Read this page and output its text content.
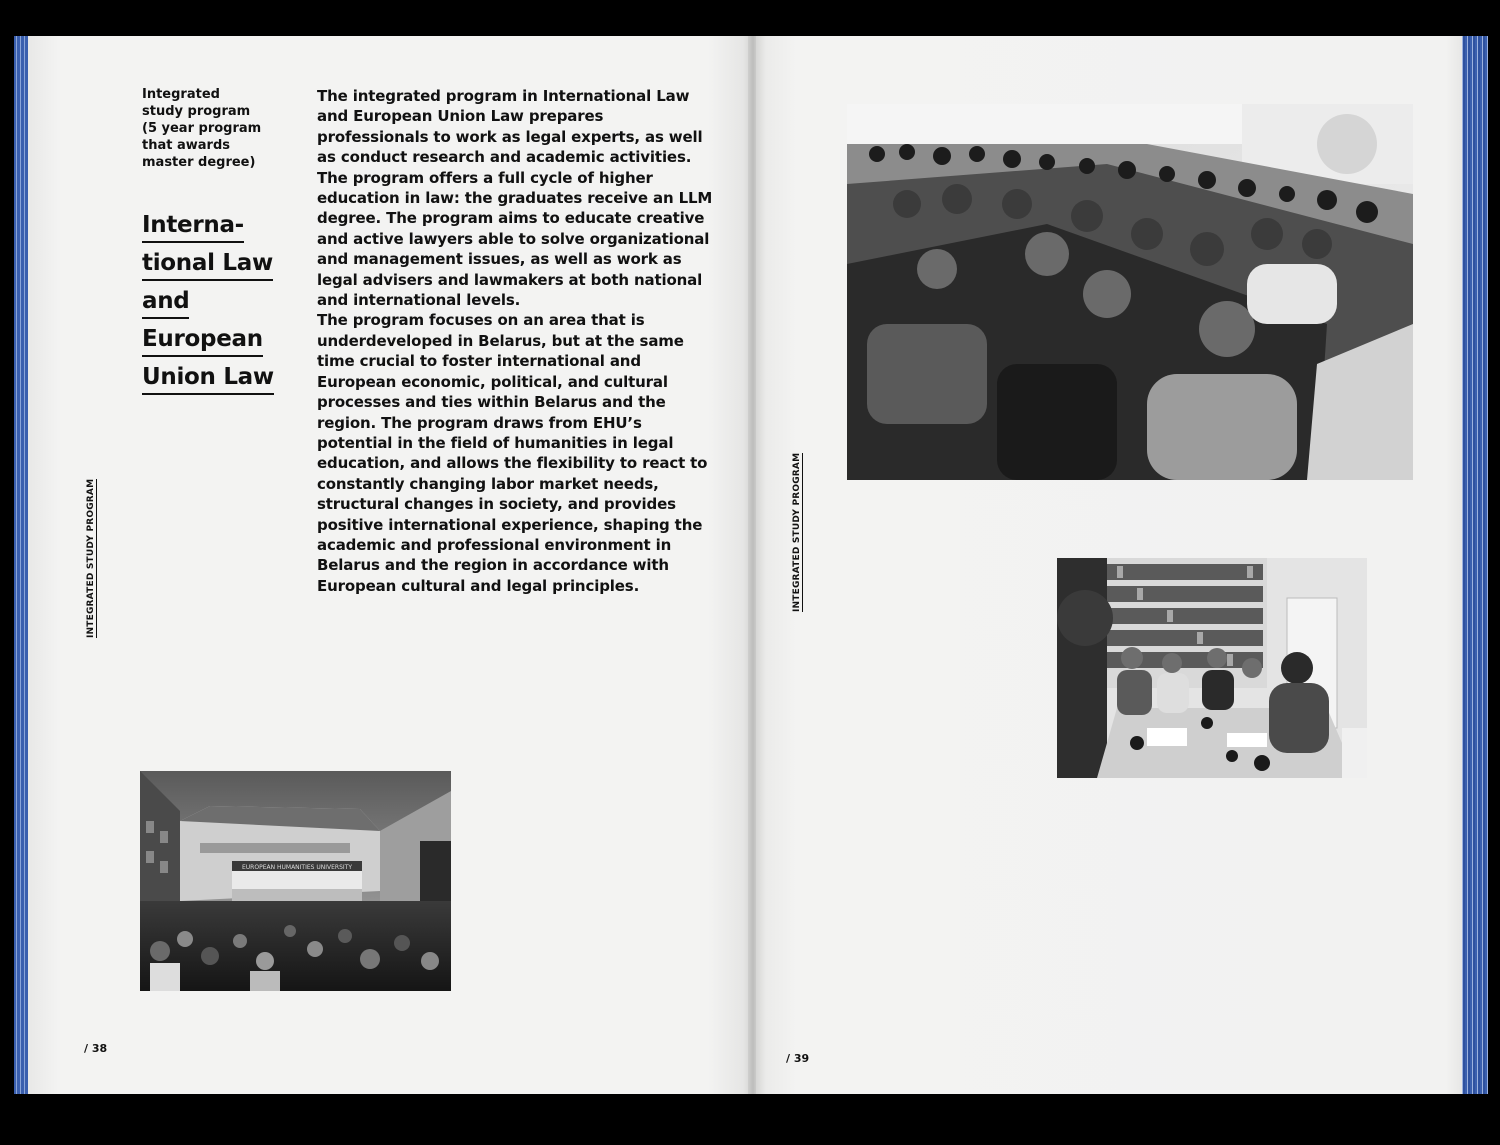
Integrated
study program
(5 year program
that awards
master degree)
Interna-
tional Law
and
European
Union Law

The integrated program in International Law and European Union Law prepares professionals to work as legal experts, as well as conduct research and academic activities. The program offers a full cycle of higher education in law: the graduates receive an LLM degree. The program aims to educate creative and active lawyers able to solve organizational and management issues, as well as work as legal advisers and lawmakers at both national and international levels.

The program focuses on an area that is underdeveloped in Belarus, but at the same time crucial to foster international and European economic, political, and cultural processes and ties within Belarus and the region. The program draws from EHU’s potential in the field of humanities in legal education, and allows the flexibility to react to constantly changing labor market needs, structural changes in society, and provides positive international experience, shaping the academic and professional environment in Belarus and the region in accordance with European cultural and legal principles.

INTEGRATED STUDY PROGRAM
EUROPEAN HUMANITIES UNIVERSITY
/ 38
INTEGRATED STUDY PROGRAM
/ 39
